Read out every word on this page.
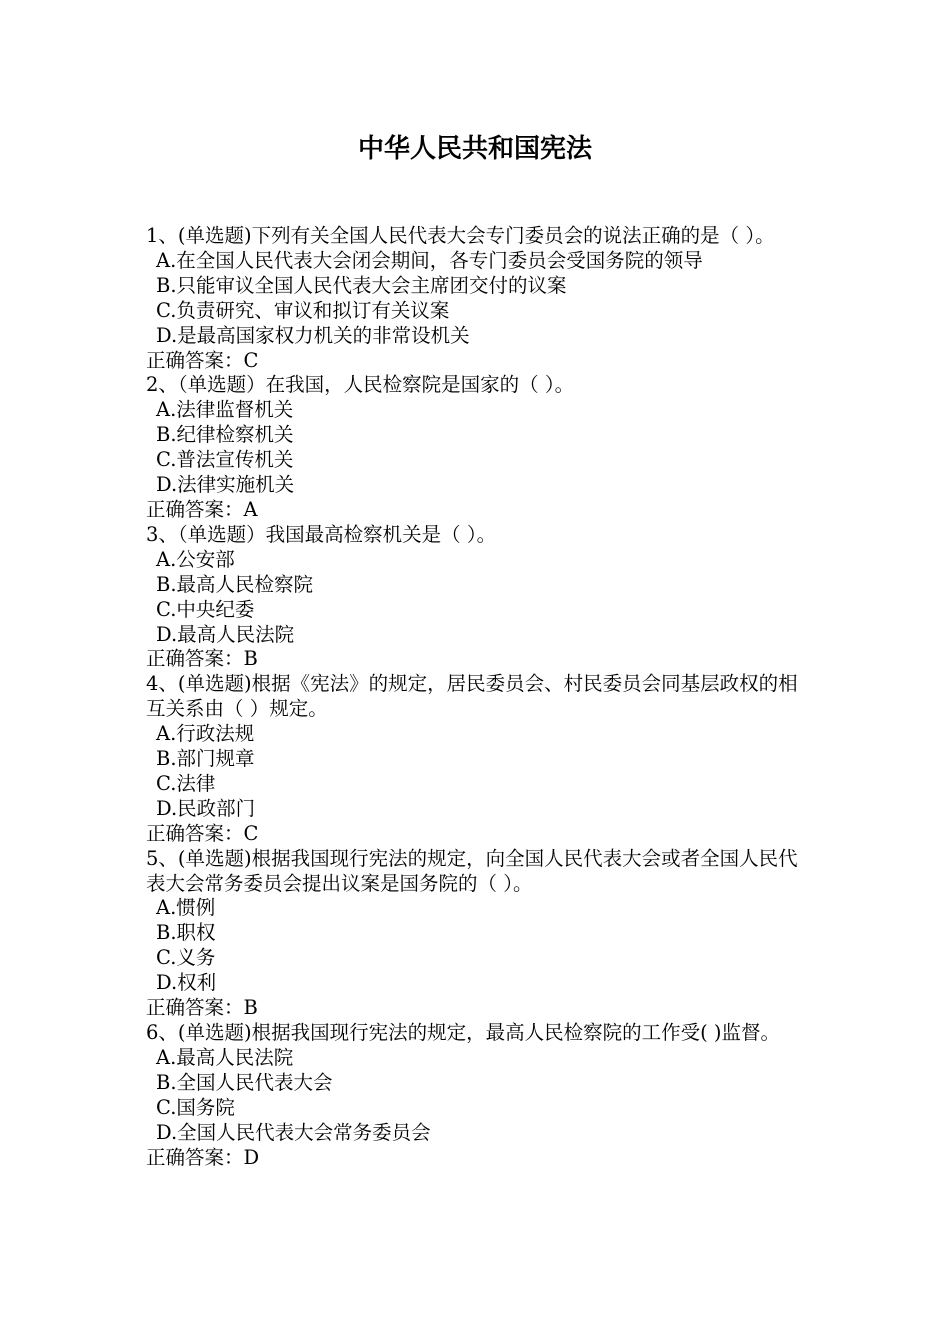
中华人民共和国宪法

1、(单选题)下列有关全国人民代表大会专门委员会的说法正确的是（ ）。

A.在全国人民代表大会闭会期间，各专门委员会受国务院的领导

B.只能审议全国人民代表大会主席团交付的议案

C.负责研究、审议和拟订有关议案

D.是最高国家权力机关的非常设机关

正确答案：C

2、（单选题）在我国，人民检察院是国家的（ ）。

A.法律监督机关

B.纪律检察机关

C.普法宣传机关

D.法律实施机关

正确答案：A

3、（单选题）我国最高检察机关是（ ）。

A.公安部

B.最高人民检察院

C.中央纪委

D.最高人民法院

正确答案：B

4、(单选题)根据《宪法》的规定，居民委员会、村民委员会同基层政权的相互关系由（ ）规定。

A.行政法规

B.部门规章

C.法律

D.民政部门

正确答案：C

5、(单选题)根据我国现行宪法的规定，向全国人民代表大会或者全国人民代表大会常务委员会提出议案是国务院的（ ）。

A.惯例

B.职权

C.义务

D.权利

正确答案：B

6、(单选题)根据我国现行宪法的规定，最高人民检察院的工作受( )监督。

A.最高人民法院

B.全国人民代表大会

C.国务院

D.全国人民代表大会常务委员会

正确答案：D
